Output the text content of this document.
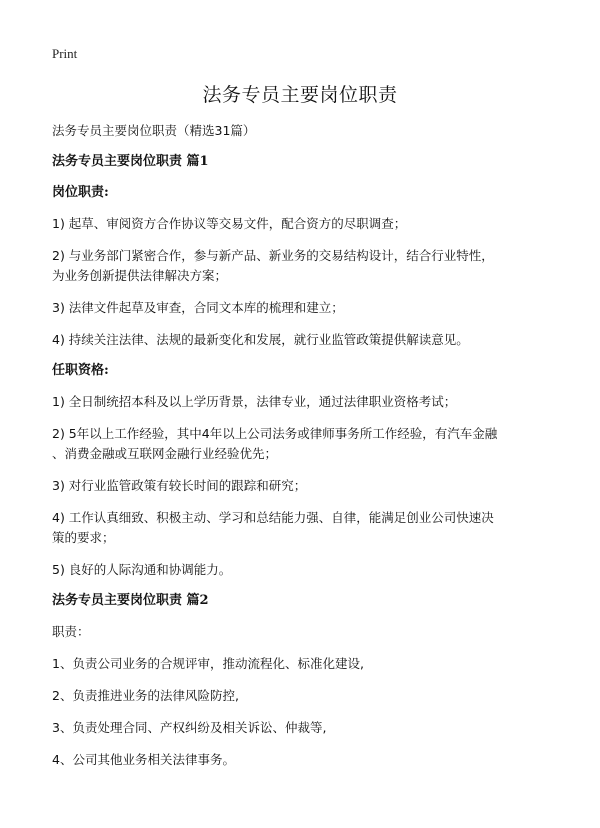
Print
法务专员主要岗位职责

法务专员主要岗位职责（精选31篇）

法务专员主要岗位职责 篇1

岗位职责:

1) 起草、审阅资方合作协议等交易文件，配合资方的尽职调查；

2) 与业务部门紧密合作，参与新产品、新业务的交易结构设计，结合行业特性，

为业务创新提供法律解决方案；

3) 法律文件起草及审查，合同文本库的梳理和建立；

4) 持续关注法律、法规的最新变化和发展，就行业监管政策提供解读意见。

任职资格:

1) 全日制统招本科及以上学历背景，法律专业，通过法律职业资格考试；

2) 5年以上工作经验，其中4年以上公司法务或律师事务所工作经验，有汽车金融

、消费金融或互联网金融行业经验优先；

3) 对行业监管政策有较长时间的跟踪和研究；

4) 工作认真细致、积极主动、学习和总结能力强、自律，能满足创业公司快速决

策的要求；

5) 良好的人际沟通和协调能力。

法务专员主要岗位职责 篇2

职责：

1、负责公司业务的合规评审，推动流程化、标准化建设,

2、负责推进业务的法律风险防控,

3、负责处理合同、产权纠纷及相关诉讼、仲裁等,

4、公司其他业务相关法律事务。
